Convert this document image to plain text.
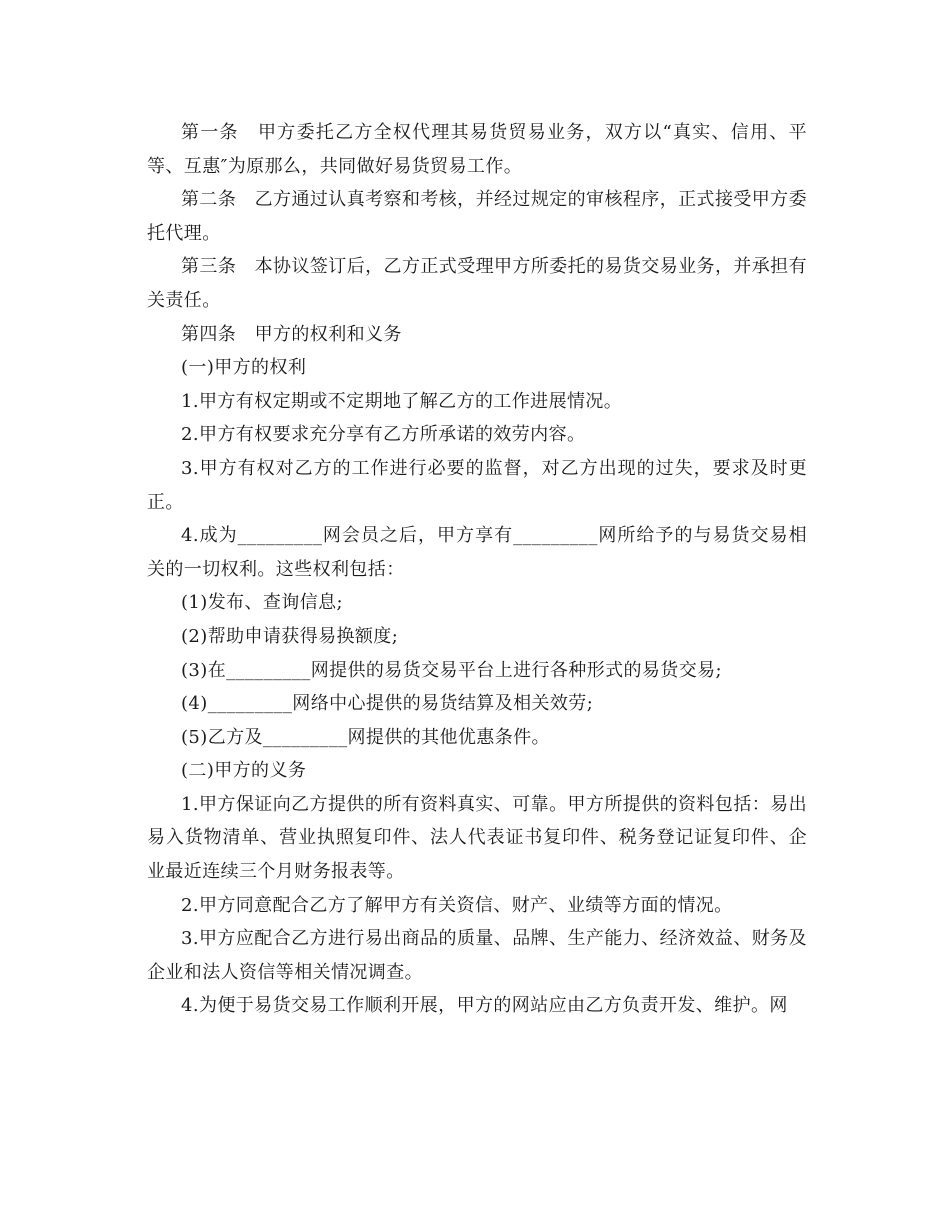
第一条　甲方委托乙方全权代理其易货贸易业务，双方以“真实、信用、平等、互惠″为原那么，共同做好易货贸易工作。

第二条　乙方通过认真考察和考核，并经过规定的审核程序，正式接受甲方委托代理。

第三条　本协议签订后，乙方正式受理甲方所委托的易货交易业务，并承担有关责任。

第四条　甲方的权利和义务

(一)甲方的权利

1.甲方有权定期或不定期地了解乙方的工作进展情况。

2.甲方有权要求充分享有乙方所承诺的效劳内容。

3.甲方有权对乙方的工作进行必要的监督，对乙方出现的过失，要求及时更正。

4.成为_________网会员之后，甲方享有_________网所给予的与易货交易相关的一切权利。这些权利包括：

(1)发布、查询信息;

(2)帮助申请获得易换额度;

(3)在_________网提供的易货交易平台上进行各种形式的易货交易;

(4)_________网络中心提供的易货结算及相关效劳;

(5)乙方及_________网提供的其他优惠条件。

(二)甲方的义务

1.甲方保证向乙方提供的所有资料真实、可靠。甲方所提供的资料包括：易出易入货物清单、营业执照复印件、法人代表证书复印件、税务登记证复印件、企业最近连续三个月财务报表等。

2.甲方同意配合乙方了解甲方有关资信、财产、业绩等方面的情况。

3.甲方应配合乙方进行易出商品的质量、品牌、生产能力、经济效益、财务及企业和法人资信等相关情况调查。

4.为便于易货交易工作顺利开展，甲方的网站应由乙方负责开发、维护。网
